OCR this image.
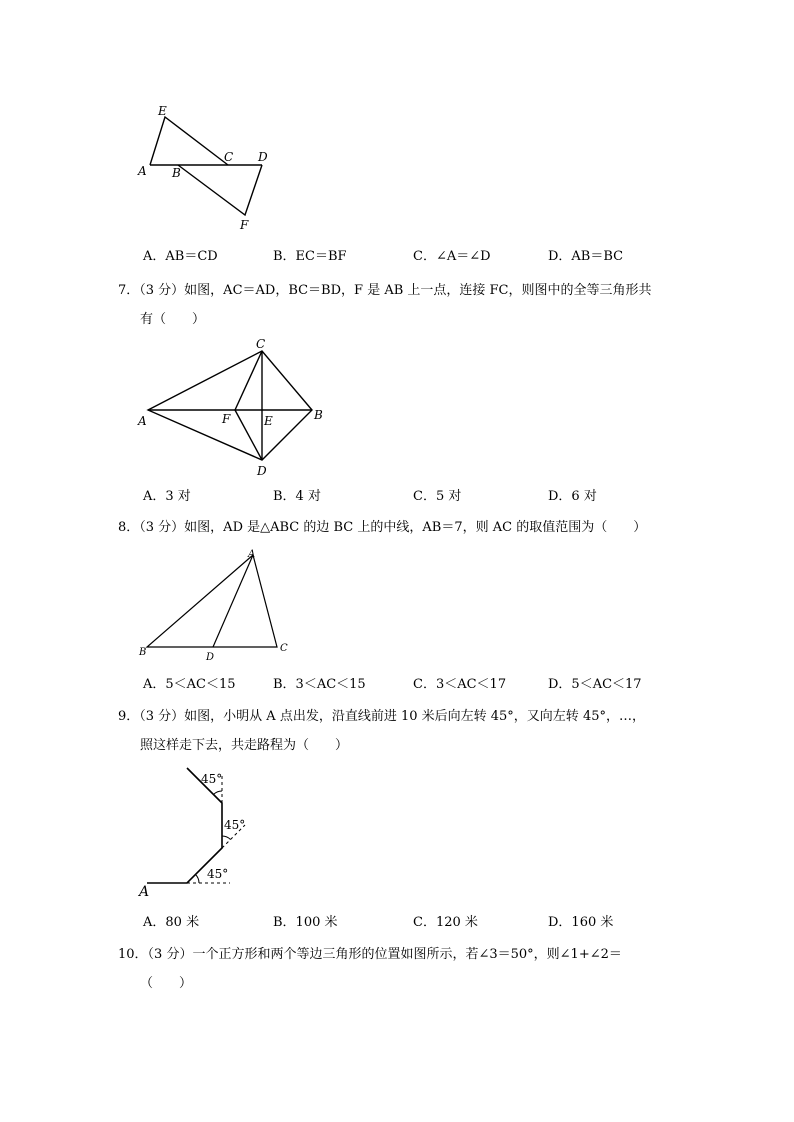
E
A B
C D
F
A．AB＝CD	B．EC＝BF	C．∠A＝∠D	D．AB＝BC
7．（3 分）如图，AC＝AD，BC＝BD，F 是 AB 上一点，连接 FC，则图中的全等三角形共
有（　　）
C
A	F	E	B
D
A．3 对	B．4 对	C．5 对	D．6 对
8．（3 分）如图，AD 是△ABC 的边 BC 上的中线，AB＝7，则 AC 的取值范围为（　　）
A
B	D
C
A．5＜AC＜15	B．3＜AC＜15	C．3＜AC＜17	D．5＜AC＜17
9．（3 分）如图，小明从 A 点出发，沿直线前进 10 米后向左转 45°，又向左转 45°，…，
照这样走下去，共走路程为（　　）
45°
45°
45°
A
A．80 米	B．100 米	C．120 米	D．160 米
10．（3 分）一个正方形和两个等边三角形的位置如图所示，若∠3＝50°，则∠1+∠2＝
（　　）
